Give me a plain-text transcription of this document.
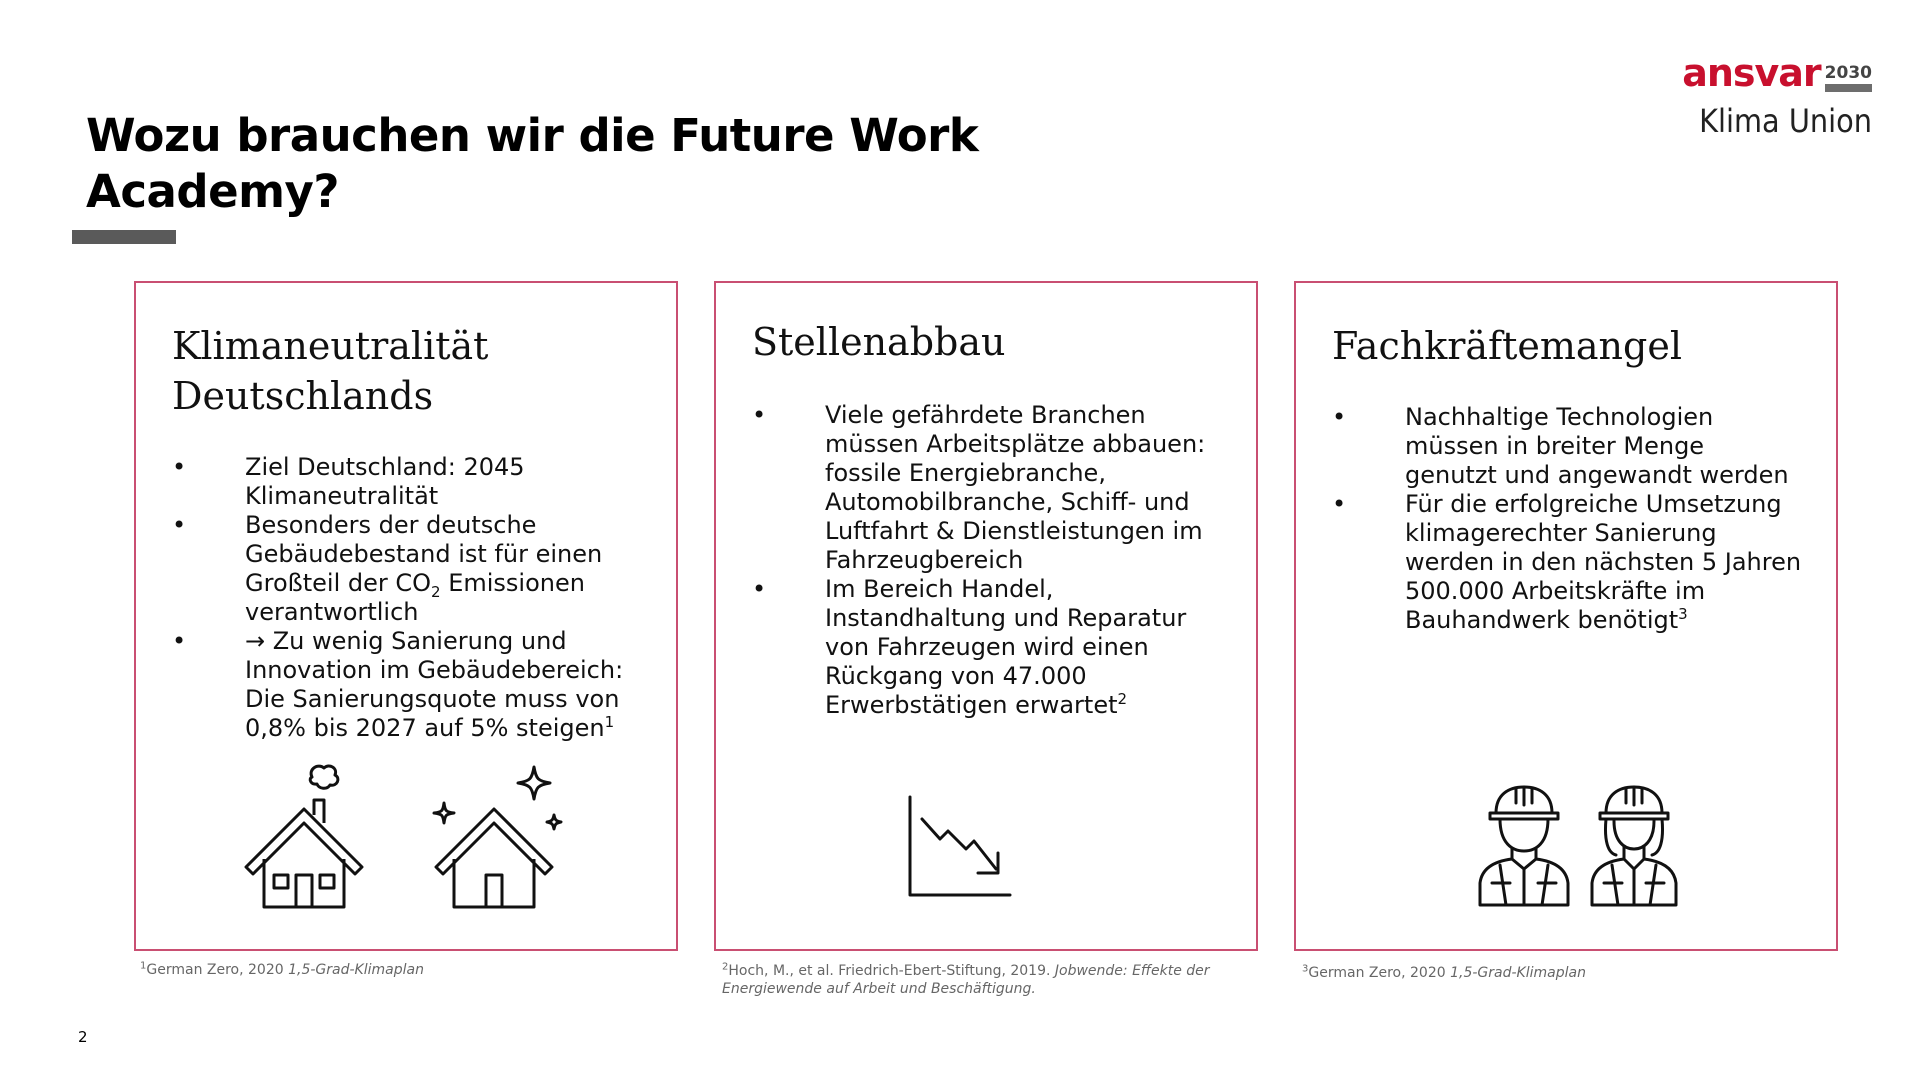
Wozu brauchen wir die Future Work Academy?
ansvar 2030
Klima Union
Klimaneutralität
Deutschlands
• Ziel Deutschland: 2045 Klimaneutralität
• Besonders der deutsche Gebäudebestand ist für einen Großteil der $CO_2$ Emissionen verantwortlich
• → Zu wenig Sanierung und Innovation im Gebäudebereich: Die Sanierungsquote muss von 0,8% bis 2027 auf 5% steigen$^1$
Stellenabbau
• Viele gefährdete Branchen müssen Arbeitsplätze abbauen: fossile Energiebranche, Automobilbranche, Schiff- und Luftfahrt & Dienstleistungen im Fahrzeugbereich
• Im Bereich Handel, Instandhaltung und Reparatur von Fahrzeugen wird einen Rückgang von 47.000 Erwerbstätigen erwartet$^2$
Fachkräftemangel
• Nachhaltige Technologien müssen in breiter Menge genutzt und angewandt werden
• Für die erfolgreiche Umsetzung klimagerechter Sanierung werden in den nächsten 5 Jahren 500.000 Arbeitskräfte im Bauhandwerk benötigt$^3$
$^1$German Zero, 2020 1,5-Grad-Klimaplan	$^2$Hoch, M., et al. Friedrich-Ebert-Stiftung, 2019. Jobwende: Effekte der Energiewende auf Arbeit und Beschäftigung.
$^3$German Zero, 2020 1,5-Grad-Klimaplan
2
